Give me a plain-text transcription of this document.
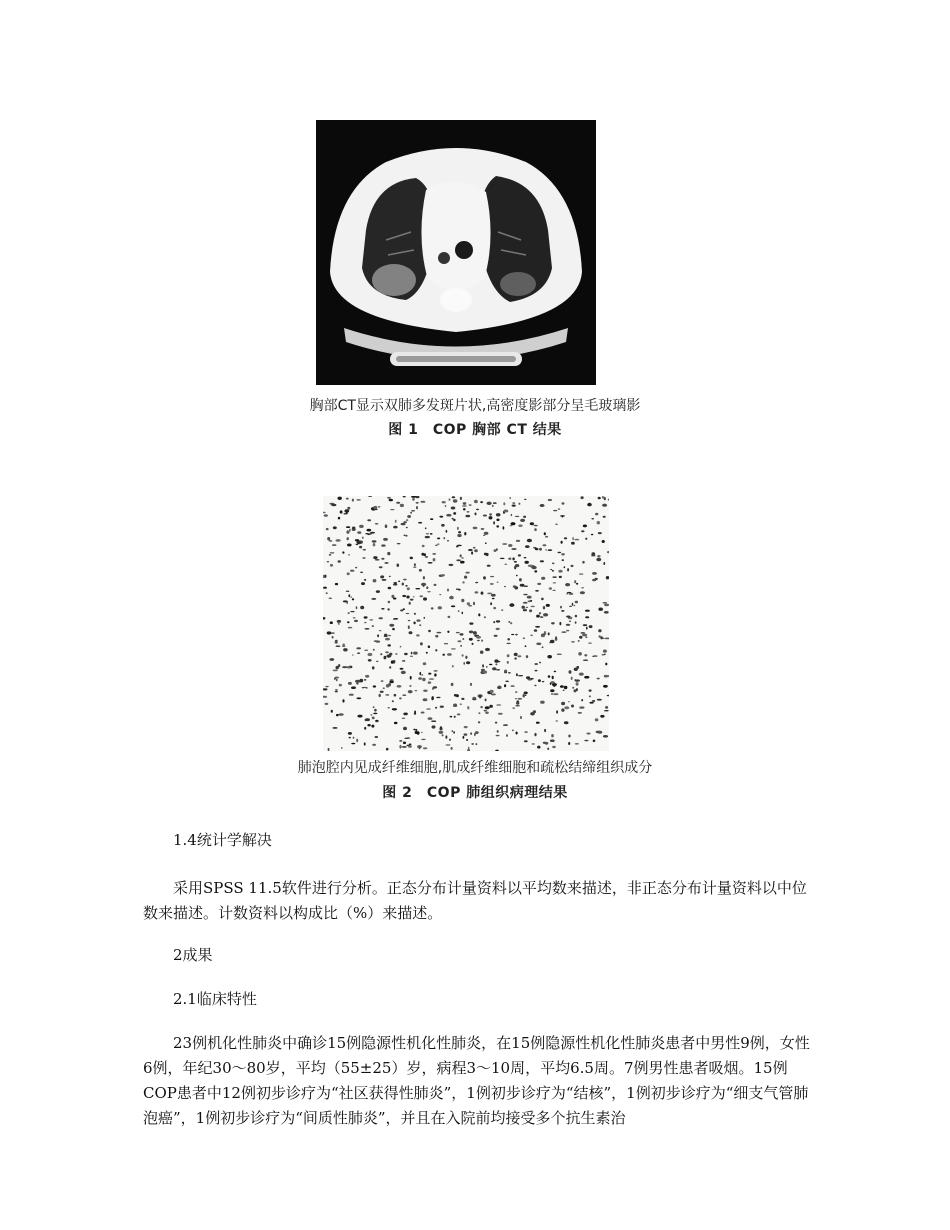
胸部CT显示双肺多发斑片状,高密度影部分呈毛玻璃影
图 1　COP 胸部 CT 结果
肺泡腔内见成纤维细胞,肌成纤维细胞和疏松结缔组织成分
图 2　COP 肺组织病理结果

1.4统计学解决

采用SPSS 11.5软件进行分析。正态分布计量资料以平均数来描述，非正态分布计量资料以中位数来描述。计数资料以构成比（%）来描述。

2成果

2.1临床特性

23例机化性肺炎中确诊15例隐源性机化性肺炎，在15例隐源性机化性肺炎患者中男性9例，女性6例，年纪30～80岁，平均（55±25）岁，病程3～10周，平均6.5周。7例男性患者吸烟。15例COP患者中12例初步诊疗为“社区获得性肺炎”，1例初步诊疗为“结核”，1例初步诊疗为“细支气管肺泡癌”，1例初步诊疗为“间质性肺炎”，并且在入院前均接受多个抗生素治
